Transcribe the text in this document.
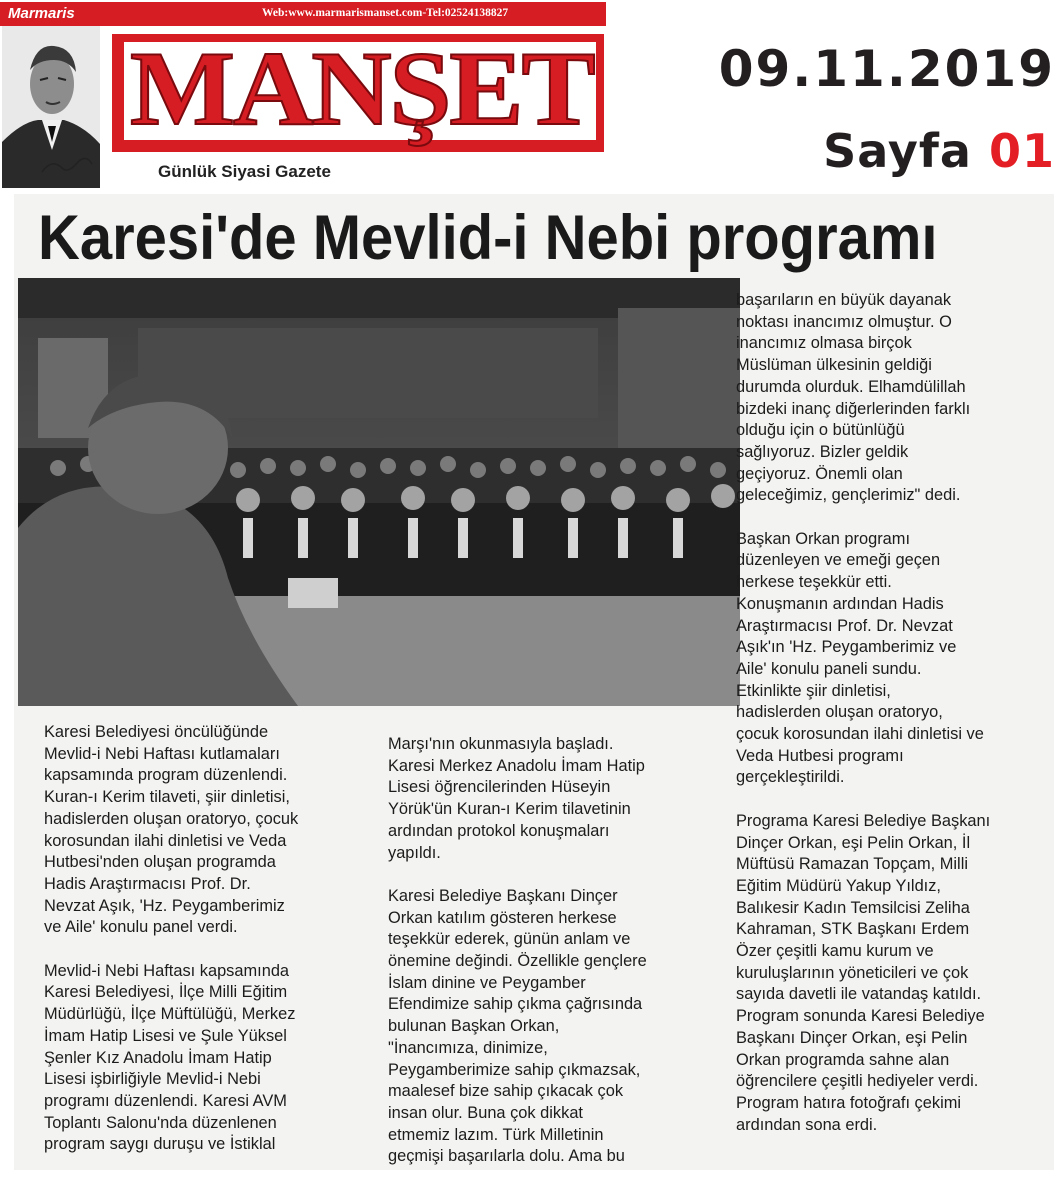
Marmaris	Web:www.marmarismanset.com-Tel:02524138827
MANŞET
Günlük Siyasi Gazete
09.11.2019
Sayfa 01
Karesi'de Mevlid-i Nebi programı

Karesi Belediyesi öncülüğünde
Mevlid-i Nebi Haftası kutlamaları
kapsamında program düzenlendi.
Kuran-ı Kerim tilaveti, şiir dinletisi,
hadislerden oluşan oratoryo, çocuk
korosundan ilahi dinletisi ve Veda
Hutbesi'nden oluşan programda
Hadis Araştırmacısı Prof. Dr.
Nevzat Aşık, 'Hz. Peygamberimiz
ve Aile' konulu panel verdi.

Mevlid-i Nebi Haftası kapsamında
Karesi Belediyesi, İlçe Milli Eğitim
Müdürlüğü, İlçe Müftülüğü, Merkez
İmam Hatip Lisesi ve Şule Yüksel
Şenler Kız Anadolu İmam Hatip
Lisesi işbirliğiyle Mevlid-i Nebi
programı düzenlendi. Karesi AVM
Toplantı Salonu'nda düzenlenen
program saygı duruşu ve İstiklal

Marşı'nın okunmasıyla başladı.
Karesi Merkez Anadolu İmam Hatip
Lisesi öğrencilerinden Hüseyin
Yörük'ün Kuran-ı Kerim tilavetinin
ardından protokol konuşmaları
yapıldı.

Karesi Belediye Başkanı Dinçer
Orkan katılım gösteren herkese
teşekkür ederek, günün anlam ve
önemine değindi. Özellikle gençlere
İslam dinine ve Peygamber
Efendimize sahip çıkma çağrısında
bulunan Başkan Orkan,
"İnancımıza, dinimize,
Peygamberimize sahip çıkmazsak,
maalesef bize sahip çıkacak çok
insan olur. Buna çok dikkat
etmemiz lazım. Türk Milletinin
geçmişi başarılarla dolu. Ama bu

başarıların en büyük dayanak
noktası inancımız olmuştur. O
inancımız olmasa birçok
Müslüman ülkesinin geldiği
durumda olurduk. Elhamdülillah
bizdeki inanç diğerlerinden farklı
olduğu için o bütünlüğü
sağlıyoruz. Bizler geldik
geçiyoruz. Önemli olan
geleceğimiz, gençlerimiz" dedi.

Başkan Orkan programı
düzenleyen ve emeği geçen
herkese teşekkür etti.
Konuşmanın ardından Hadis
Araştırmacısı Prof. Dr. Nevzat
Aşık'ın 'Hz. Peygamberimiz ve
Aile' konulu paneli sundu.
Etkinlikte şiir dinletisi,
hadislerden oluşan oratoryo,
çocuk korosundan ilahi dinletisi ve
Veda Hutbesi programı
gerçekleştirildi.

Programa Karesi Belediye Başkanı
Dinçer Orkan, eşi Pelin Orkan, İl
Müftüsü Ramazan Topçam, Milli
Eğitim Müdürü Yakup Yıldız,
Balıkesir Kadın Temsilcisi Zeliha
Kahraman, STK Başkanı Erdem
Özer çeşitli kamu kurum ve
kuruluşlarının yöneticileri ve çok
sayıda davetli ile vatandaş katıldı.
Program sonunda Karesi Belediye
Başkanı Dinçer Orkan, eşi Pelin
Orkan programda sahne alan
öğrencilere çeşitli hediyeler verdi.
Program hatıra fotoğrafı çekimi
ardından sona erdi.
